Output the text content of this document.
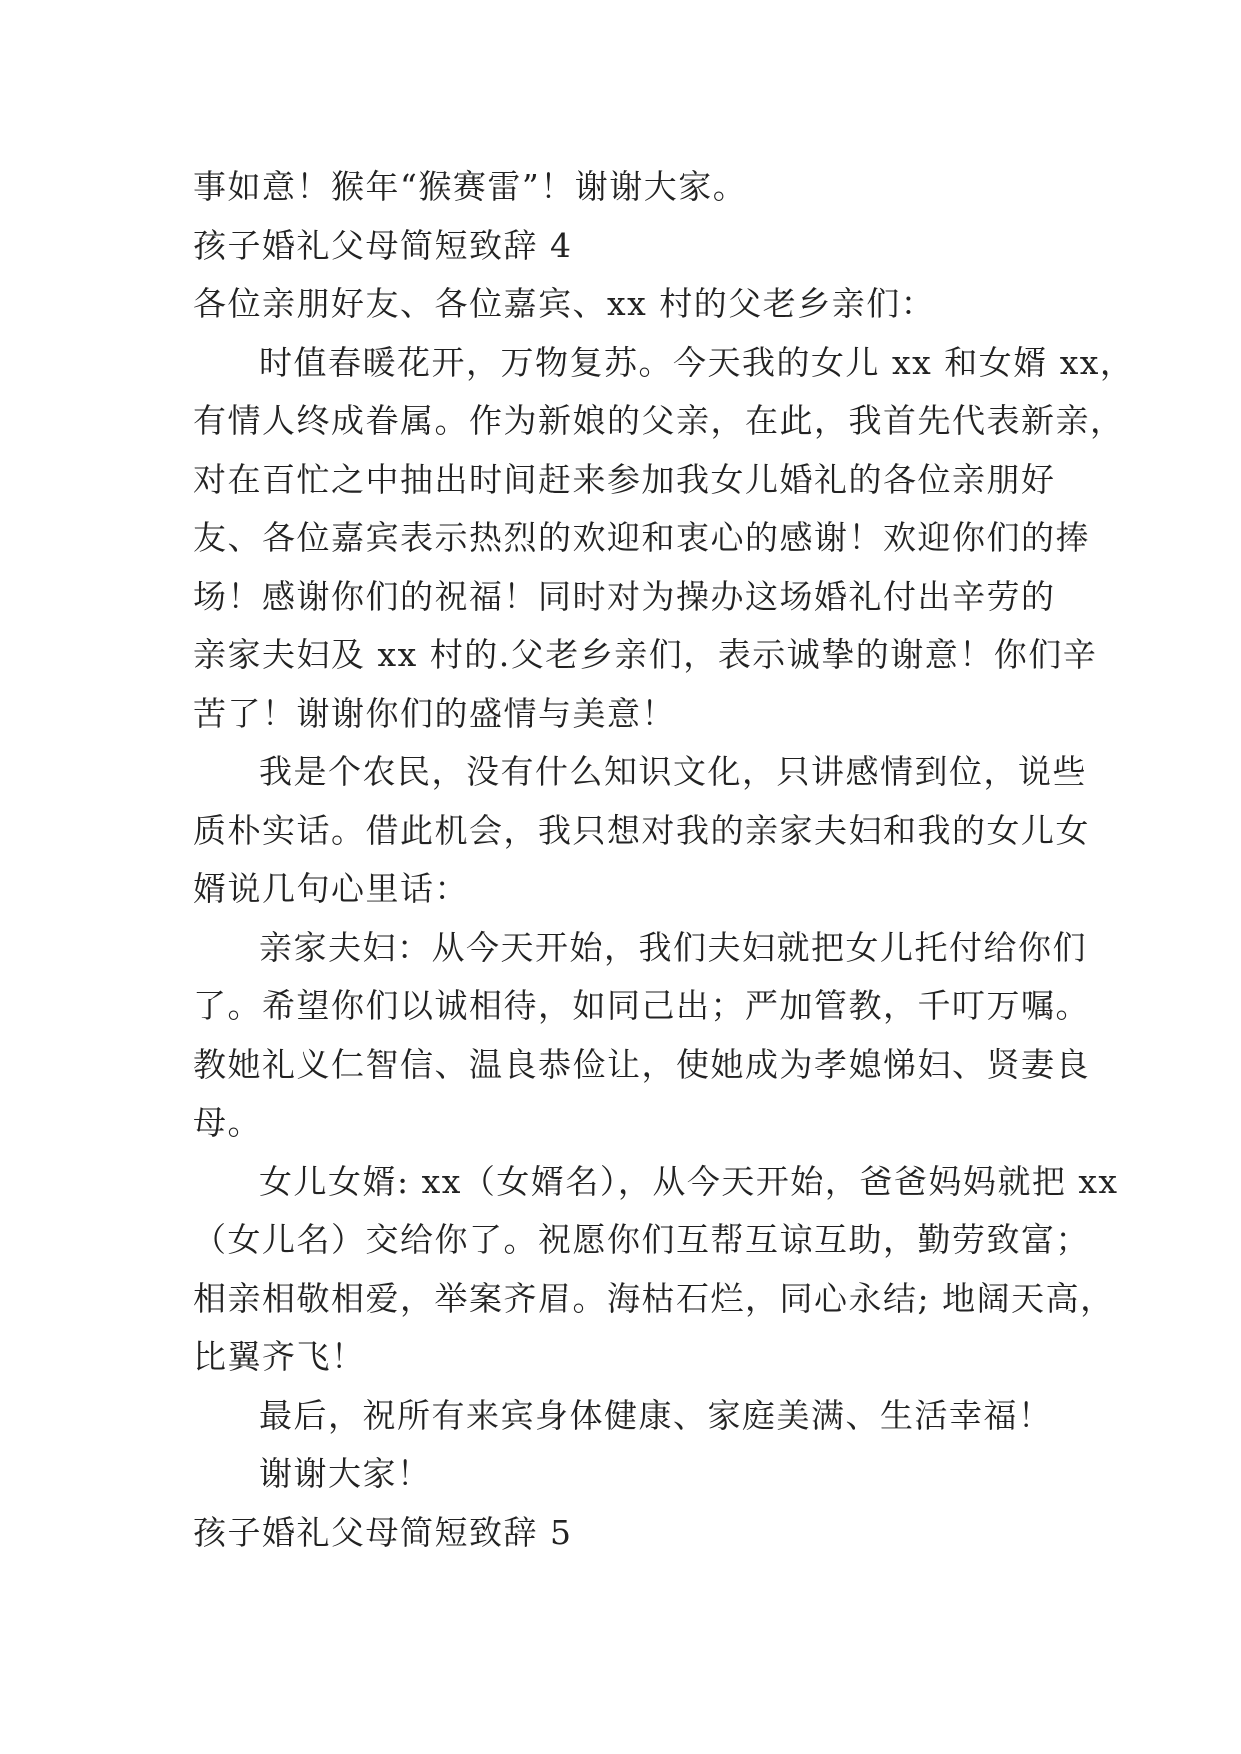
事如意！猴年“猴赛雷”！谢谢大家。
孩子婚礼父母简短致辞 4
各位亲朋好友、各位嘉宾、xx 村的父老乡亲们：
时值春暖花开，万物复苏。今天我的女儿 xx 和女婿 xx，
有情人终成眷属。作为新娘的父亲，在此，我首先代表新亲，
对在百忙之中抽出时间赶来参加我女儿婚礼的各位亲朋好
友、各位嘉宾表示热烈的欢迎和衷心的感谢！欢迎你们的捧
场！感谢你们的祝福！同时对为操办这场婚礼付出辛劳的
亲家夫妇及 xx 村的.父老乡亲们，表示诚挚的谢意！你们辛
苦了！谢谢你们的盛情与美意！
我是个农民，没有什么知识文化，只讲感情到位，说些
质朴实话。借此机会，我只想对我的亲家夫妇和我的女儿女
婿说几句心里话：
亲家夫妇：从今天开始，我们夫妇就把女儿托付给你们
了。希望你们以诚相待，如同己出；严加管教，千叮万嘱。
教她礼义仁智信、温良恭俭让，使她成为孝媳悌妇、贤妻良
母。
女儿女婿: xx（女婿名），从今天开始，爸爸妈妈就把 xx
（女儿名）交给你了。祝愿你们互帮互谅互助，勤劳致富；
相亲相敬相爱，举案齐眉。海枯石烂，同心永结; 地阔天高，
比翼齐飞！
最后，祝所有来宾身体健康、家庭美满、生活幸福！
谢谢大家！
孩子婚礼父母简短致辞 5
